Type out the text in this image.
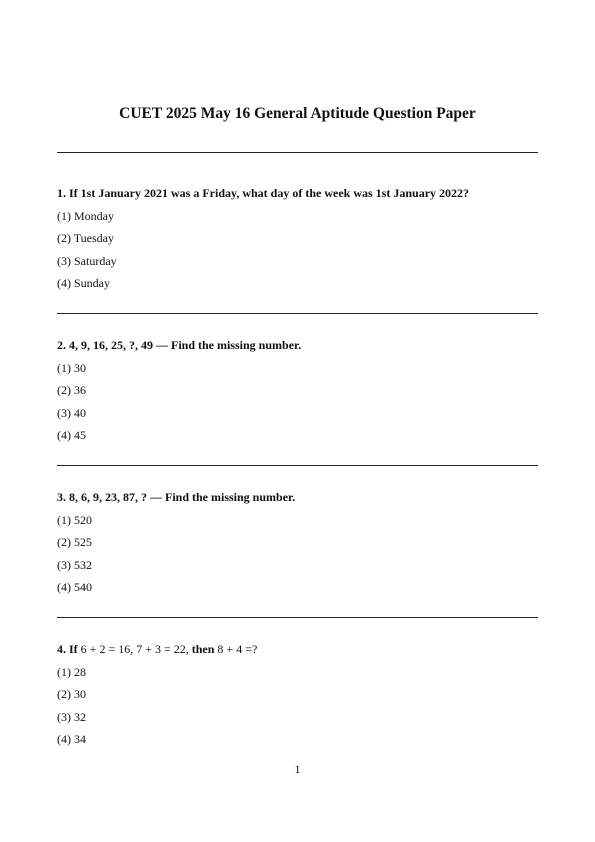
CUET 2025 May 16 General Aptitude Question Paper

1. If 1st January 2021 was a Friday, what day of the week was 1st January 2022?

(1) Monday

(2) Tuesday

(3) Saturday

(4) Sunday

2. 4, 9, 16, 25, ?, 49 — Find the missing number.

(1) 30

(2) 36

(3) 40

(4) 45

3. 8, 6, 9, 23, 87, ? — Find the missing number.

(1) 520

(2) 525

(3) 532

(4) 540

4. If 6 + 2 = 16, 7 + 3 = 22, then 8 + 4 =?

(1) 28

(2) 30

(3) 32

(4) 34

1
